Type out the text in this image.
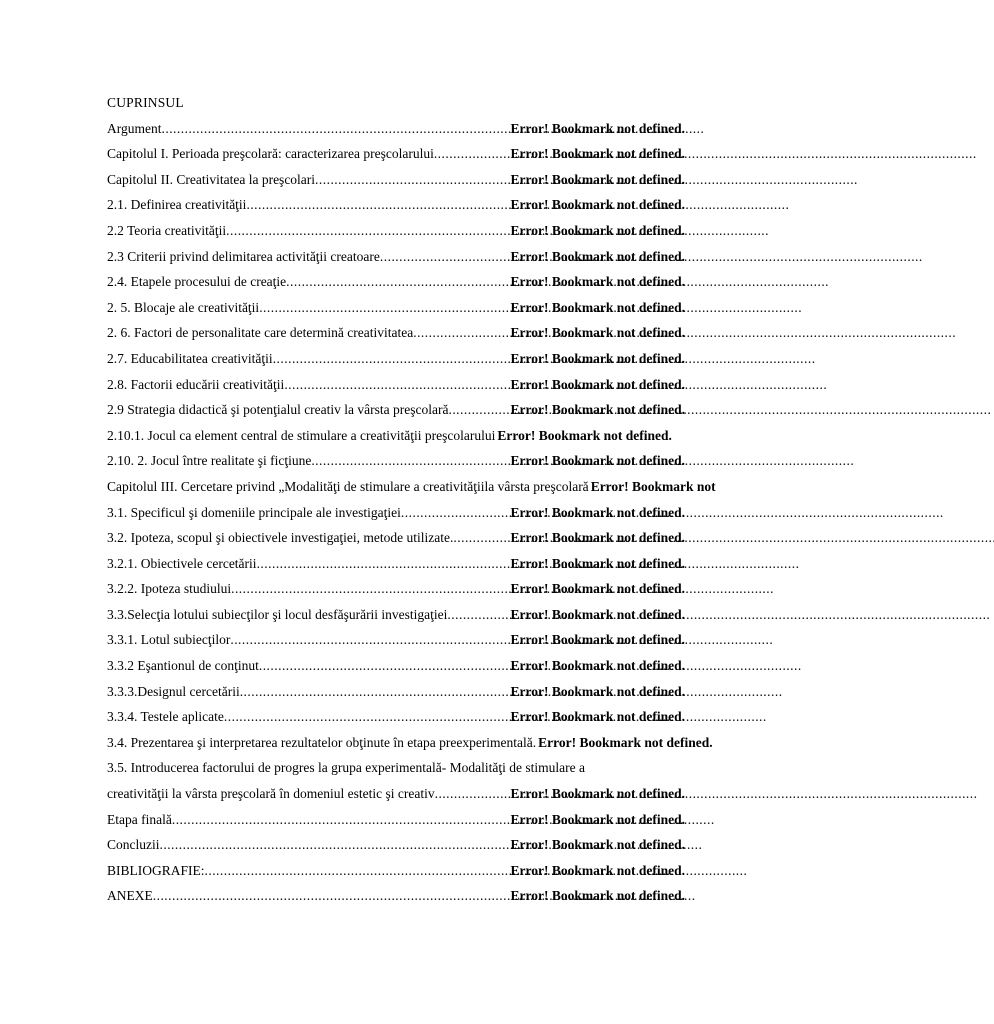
CUPRINSUL
Argument . . .	Error! Bookmark not defined.
Capitolul I. Perioada preşcolară: caracterizarea preşcolarului . . .	Error! Bookmark not defined.
Capitolul II. Creativitatea la preşcolari . . .	Error! Bookmark not defined.
2.1. Definirea creativităţii . . .	Error! Bookmark not defined.
2.2 Teoria creativităţii . . .	Error! Bookmark not defined.
2.3 Criterii privind delimitarea activităţii creatoare . . .	Error! Bookmark not defined.
2.4. Etapele procesului de creaţie . . .	Error! Bookmark not defined.
2. 5. Blocaje ale creativităţii . . .	Error! Bookmark not defined.
2. 6. Factori de personalitate care determină creativitatea . . .	Error! Bookmark not defined.
2.7. Educabilitatea creativităţii . . .	Error! Bookmark not defined.
2.8. Factorii educării creativităţii . . .	Error! Bookmark not defined.
2.9 Strategia didactică şi potenţialul creativ la vârsta preşcolară . . .	Error! Bookmark not defined.
2.10.1. Jocul ca element central de stimulare a creativităţii preşcolarului Error! Bookmark not defined.
2.10. 2. Jocul între realitate şi ficţiune . . .	Error! Bookmark not defined.
Capitolul III. Cercetare privind „Modalităţi de stimulare a creativităţiila vârsta preşcolară Error! Bookmark not
3.1. Specificul şi domeniile principale ale investigaţiei . . .	Error! Bookmark not defined.
3.2. Ipoteza, scopul şi obiectivele investigaţiei, metode utilizate. . . .	Error! Bookmark not defined.
3.2.1. Obiectivele cercetării . . .	Error! Bookmark not defined.
3.2.2. Ipoteza studiului . . .	Error! Bookmark not defined.
3.3.Selecţia lotului subiecţilor şi locul desfăşurării investigaţiei . . .	Error! Bookmark not defined.
3.3.1. Lotul subiecţilor . . .	Error! Bookmark not defined.
3.3.2 Eşantionul de conţinut . . .	Error! Bookmark not defined.
3.3.3.Designul cercetării . . .	Error! Bookmark not defined.
3.3.4. Testele aplicate . . .	Error! Bookmark not defined.
3.4. Prezentarea şi interpretarea rezultatelor obţinute în etapa preexperimentală. Error! Bookmark not defined.
3.5. Introducerea factorului de progres la grupa experimentală- Modalităţi de stimulare a
creativităţii la vârsta preşcolară în domeniul estetic şi creativ . . .	Error! Bookmark not defined.
Etapa finală . . .	Error! Bookmark not defined.
Concluzii . . .	Error! Bookmark not defined.
BIBLIOGRAFIE: . . .	Error! Bookmark not defined.
ANEXE . . .	Error! Bookmark not defined.
